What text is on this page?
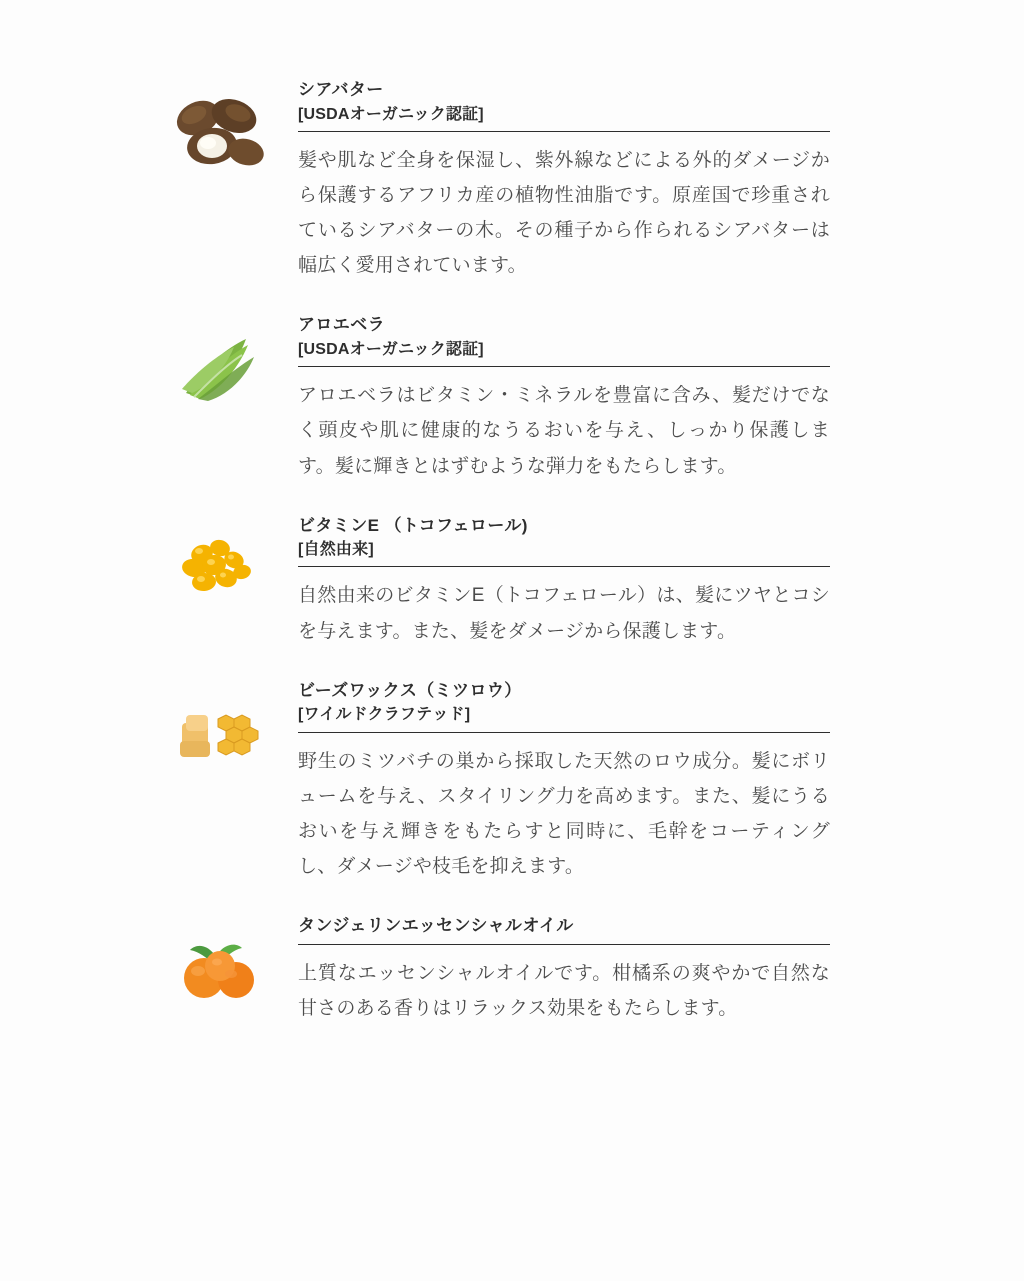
シアバター
[USDAオーガニック認証]
髪や肌など全身を保湿し、紫外線などによる外的ダメージから保護するアフリカ産の植物性油脂です。原産国で珍重されているシアバターの木。その種子から作られるシアバターは幅広く愛用されています。
アロエベラ
[USDAオーガニック認証]
アロエベラはビタミン・ミネラルを豊富に含み、髪だけでなく頭皮や肌に健康的なうるおいを与え、しっかり保護します。髪に輝きとはずむような弾力をもたらします。
ビタミンE （トコフェロール)
[自然由来]
自然由来のビタミンE（トコフェロール）は、髪にツヤとコシを与えます。また、髪をダメージから保護します。
ビーズワックス（ミツロウ）
[ワイルドクラフテッド]
野生のミツバチの巣から採取した天然のロウ成分。髪にボリュームを与え、スタイリング力を高めます。また、髪にうるおいを与え輝きをもたらすと同時に、毛幹をコーティングし、ダメージや枝毛を抑えます。
タンジェリンエッセンシャルオイル
上質なエッセンシャルオイルです。柑橘系の爽やかで自然な甘さのある香りはリラックス効果をもたらします。
